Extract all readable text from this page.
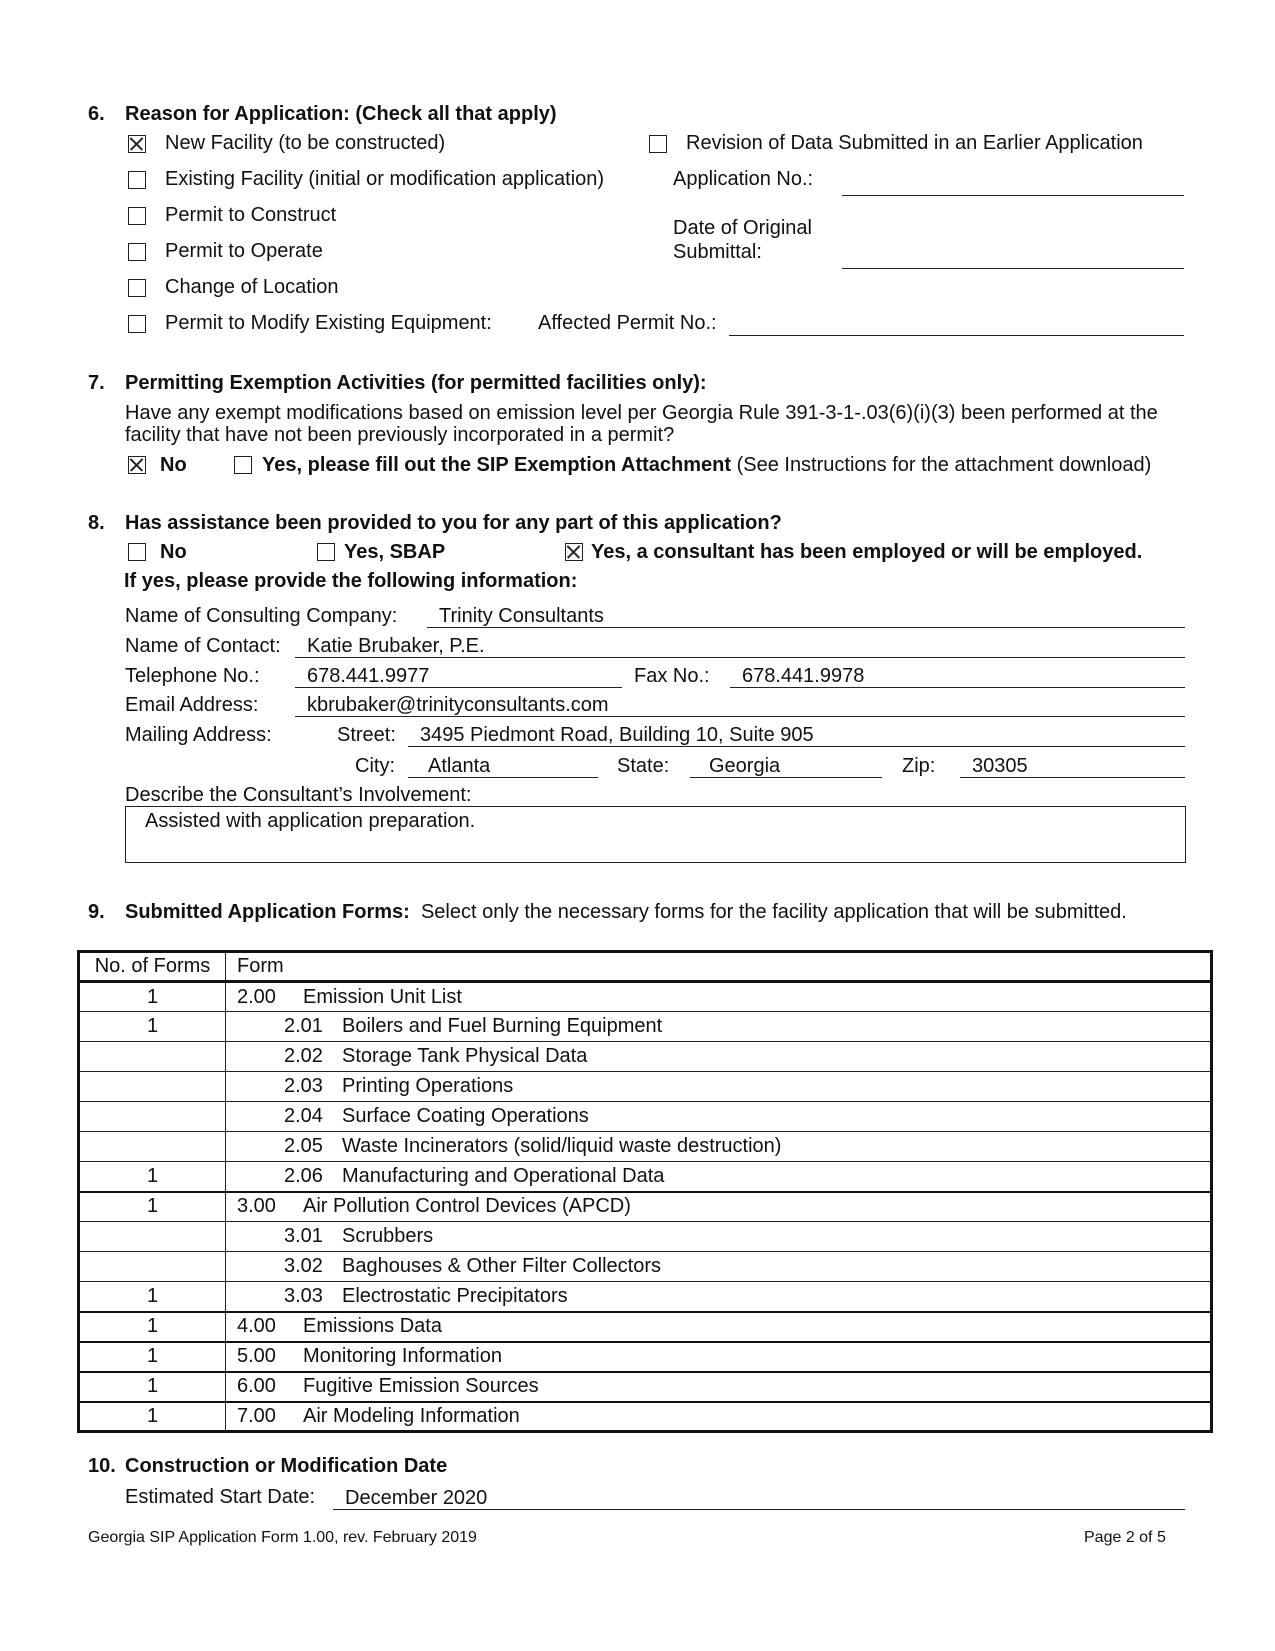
6. Reason for Application: (Check all that apply)
New Facility (to be constructed)
Existing Facility (initial or modification application)
Permit to Construct
Permit to Operate
Change of Location
Permit to Modify Existing Equipment: Affected Permit No.:
Revision of Data Submitted in an Earlier Application
Application No.:
Date of Original
Submittal:
7. Permitting Exemption Activities (for permitted facilities only):
Have any exempt modifications based on emission level per Georgia Rule 391-3-1-.03(6)(i)(3) been performed at the
facility that have not been previously incorporated in a permit?
No	Yes, please fill out the SIP Exemption Attachment (See Instructions for the attachment download)
8. Has assistance been provided to you for any part of this application?
No	Yes, SBAP	Yes, a consultant has been employed or will be employed.
If yes, please provide the following information:
Name of Consulting Company: Trinity Consultants
Name of Contact: Katie Brubaker, P.E.
Telephone No.: 678.441.9977	Fax No.: 678.441.9978
Email Address: kbrubaker@trinityconsultants.com
Mailing Address:	Street: 3495 Piedmont Road, Building 10, Suite 905
City: Atlanta	State: Georgia	Zip: 30305
Describe the Consultant’s Involvement:
Assisted with application preparation.
9. Submitted Application Forms: Select only the necessary forms for the facility application that will be submitted.
No. of Forms	Form
1	2.00 Emission Unit List
1	2.01 Boilers and Fuel Burning Equipment
	2.02 Storage Tank Physical Data
	2.03 Printing Operations
	2.04 Surface Coating Operations
	2.05 Waste Incinerators (solid/liquid waste destruction)
1	2.06 Manufacturing and Operational Data
1	3.00 Air Pollution Control Devices (APCD)
	3.01 Scrubbers
	3.02 Baghouses & Other Filter Collectors
1	3.03 Electrostatic Precipitators
1	4.00 Emissions Data
1	5.00 Monitoring Information
1	6.00 Fugitive Emission Sources
1	7.00 Air Modeling Information
10. Construction or Modification Date
Estimated Start Date: December 2020
Georgia SIP Application Form 1.00, rev. February 2019	Page 2 of 5
